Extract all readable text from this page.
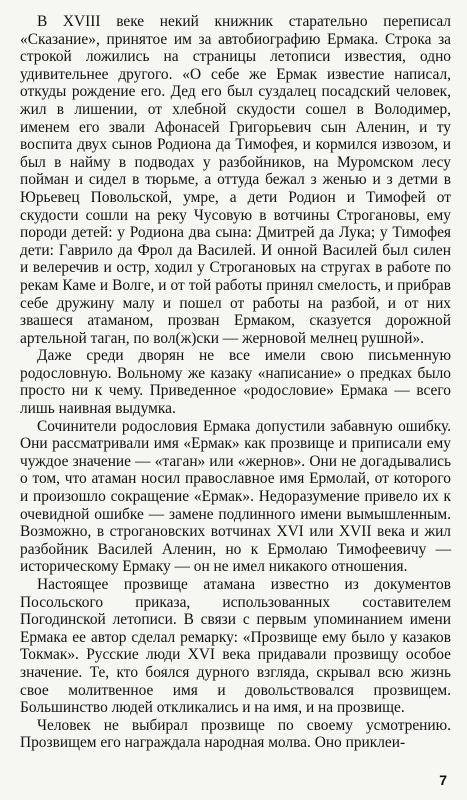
В XVIII веке некий книжник старательно переписал «Сказание», принятое им за автобиографию Ермака. Строка за строкой ложились на страницы летописи известия, одно удивительнее другого. «О себе же Ермак известие написал, откуды рождение его. Дед его был суздалец посадский человек, жил в лишении, от хлебной скудости сошел в Володимер, именем его звали Афонасей Григорьевич сын Аленин, и ту воспита двух сынов Родиона да Тимофея, и кормился извозом, и был в найму в подводах у разбойников, на Муромском лесу пойман и сидел в тюрьме, а оттуда бежал з женью и з детми в Юрьевец Повольской, умре, а дети Родион и Тимофей от скудости сошли на реку Чусовую в вотчины Строгановы, ему породи детей: у Родиона два сына: Дмитрей да Лука; у Тимофея дети: Гаврило да Фрол да Василей. И онной Василей был силен и велеречив и остр, ходил у Строгановых на стругах в работе по рекам Каме и Волге, и от той работы принял смелость, и прибрав себе дружину малу и пошел от работы на разбой, и от них звашеся атаманом, прозван Ермаком, сказуется дорожной артельной таган, по вол(ж)ски — жерновой мелнец рушной».

Даже среди дворян не все имели свою письменную родословную. Вольному же казаку «написание» о предках было просто ни к чему. Приведенное «родословие» Ермака — всего лишь наивная выдумка.

Сочинители родословия Ермака допустили забавную ошибку. Они рассматривали имя «Ермак» как прозвище и приписали ему чуждое значение — «таган» или «жернов». Они не догадывались о том, что атаман носил православное имя Ермолай, от которого и произошло сокращение «Ермак». Недоразумение привело их к очевидной ошибке — замене подлинного имени вымышленным. Возможно, в строгановских вотчинах XVI или XVII века и жил разбойник Василей Аленин, но к Ермолаю Тимофеевичу — историческому Ермаку — он не имел никакого отношения.

Настоящее прозвище атамана известно из документов Посольского приказа, использованных составителем Погодинской летописи. В связи с первым упоминанием имени Ермака ее автор сделал ремарку: «Прозвище ему было у казаков Токмак». Русские люди XVI века придавали прозвищу особое значение. Те, кто боялся дурного взгляда, скрывал всю жизнь свое молитвенное имя и довольствовался прозвищем. Большинство людей откликались и на имя, и на прозвище.

Человек не выбирал прозвище по своему усмотрению. Прозвищем его награждала народная молва. Оно приклеи-

7
